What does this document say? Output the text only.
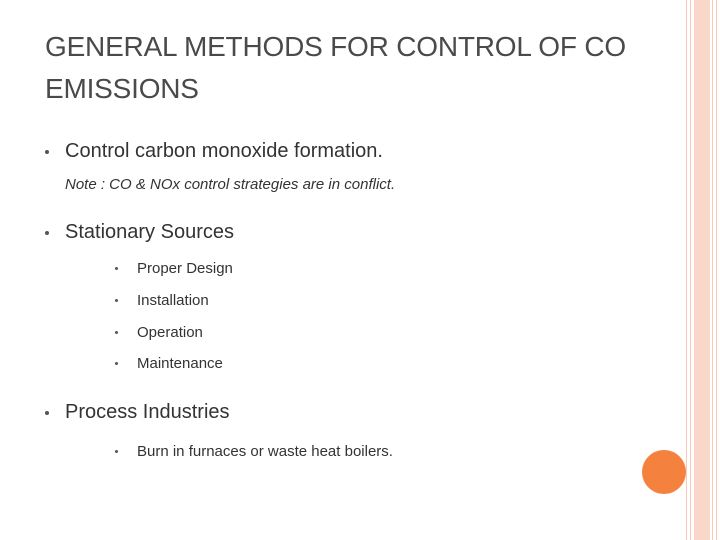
GENERAL METHODS FOR CONTROL OF CO
EMISSIONS
Control carbon monoxide formation.
Note : CO & NOx control strategies are in conflict.
Stationary Sources
Proper Design
Installation
Operation
Maintenance
Process Industries
Burn in furnaces or waste heat boilers.
